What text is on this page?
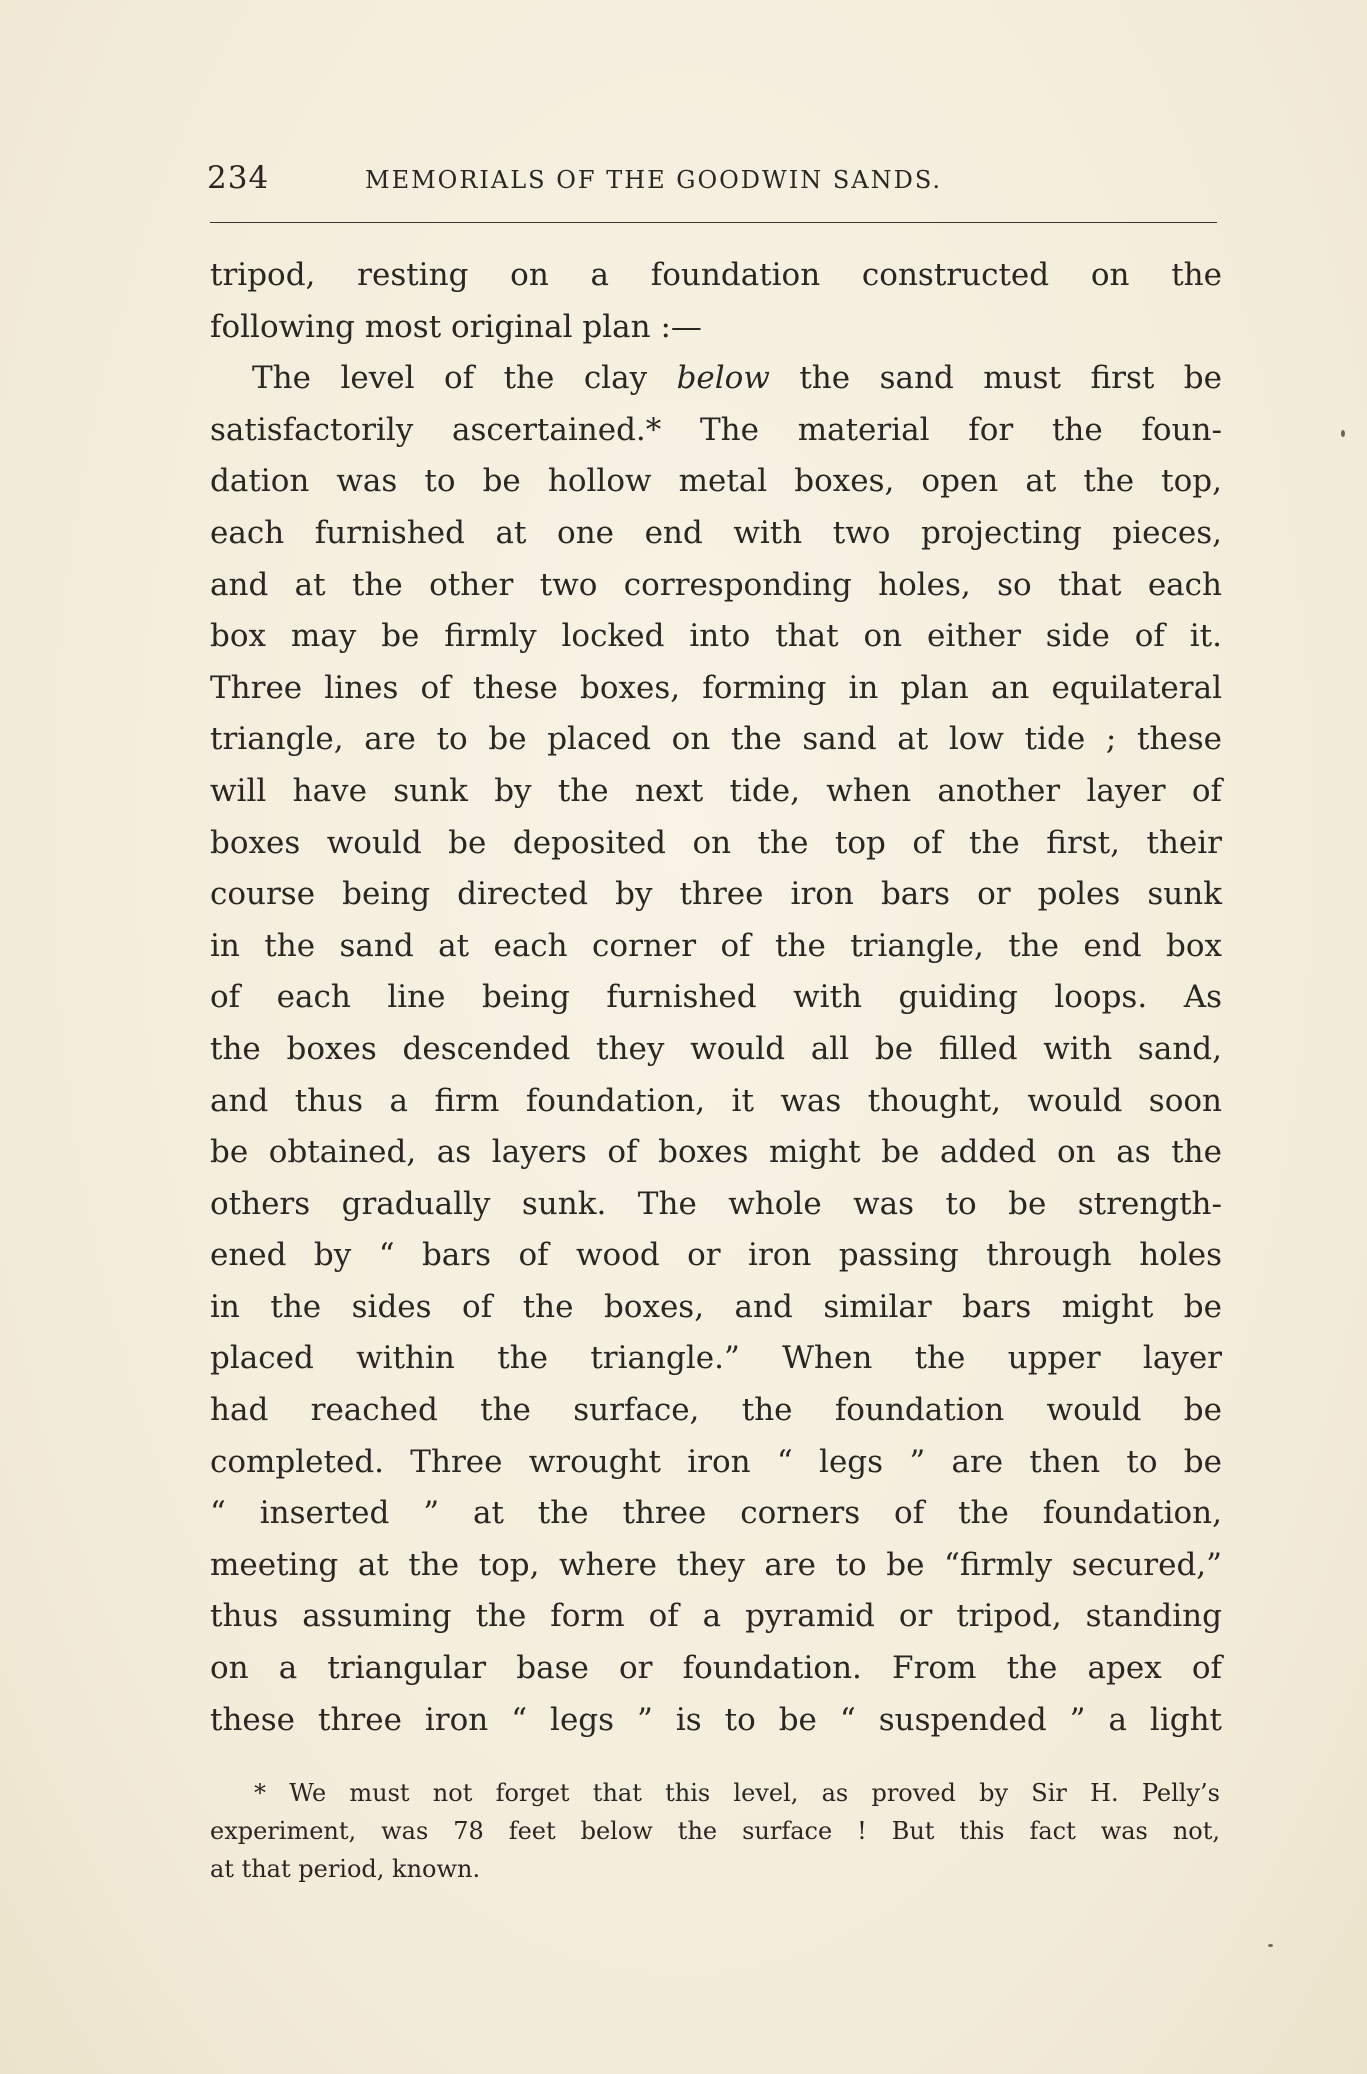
234	MEMORIALS OF THE GOODWIN SANDS.
tripod, resting on a foundation constructed on the
following most original plan :—
The level of the clay below the sand must first be
satisfactorily ascertained.* The material for the foun-
dation was to be hollow metal boxes, open at the top,
each furnished at one end with two projecting pieces,
and at the other two corresponding holes, so that each
box may be firmly locked into that on either side of it.
Three lines of these boxes, forming in plan an equilateral
triangle, are to be placed on the sand at low tide ; these
will have sunk by the next tide, when another layer of
boxes would be deposited on the top of the first, their
course being directed by three iron bars or poles sunk
in the sand at each corner of the triangle, the end box
of each line being furnished with guiding loops. As
the boxes descended they would all be filled with sand,
and thus a firm foundation, it was thought, would soon
be obtained, as layers of boxes might be added on as the
others gradually sunk. The whole was to be strength-
ened by “ bars of wood or iron passing through holes
in the sides of the boxes, and similar bars might be
placed within the triangle.” When the upper layer
had reached the surface, the foundation would be
completed. Three wrought iron “ legs ” are then to be
“ inserted ” at the three corners of the foundation,
meeting at the top, where they are to be “firmly secured,”
thus assuming the form of a pyramid or tripod, standing
on a triangular base or foundation. From the apex of
these three iron “ legs ” is to be “ suspended ” a light
* We must not forget that this level, as proved by Sir H. Pelly’s
experiment, was 78 feet below the surface ! But this fact was not,
at that period, known.
